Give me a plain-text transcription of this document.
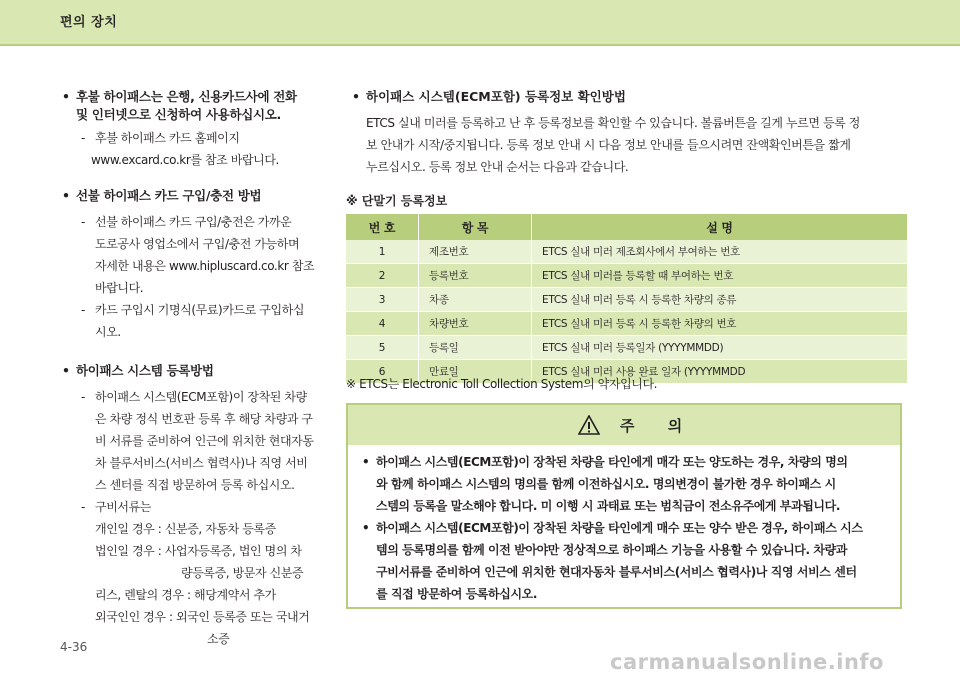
편의 장치
• 후불 하이패스는 은행, 신용카드사에 전화
및 인터넷으로 신청하여 사용하십시오.
- 후불 하이패스 카드 홈페이지
www.excard.co.kr를 참조 바랍니다.
• 선불 하이패스 카드 구입/충전 방법
- 선불 하이패스 카드 구입/충전은 가까운
도로공사 영업소에서 구입/충전 가능하며
자세한 내용은 www.hipluscard.co.kr 참조
바랍니다.
- 카드 구입시 기명식(무료)카드로 구입하십
시오.
• 하이패스 시스템 등록방법
- 하이패스 시스템(ECM포함)이 장착된 차량
은 차량 정식 번호판 등록 후 해당 차량과 구
비 서류를 준비하여 인근에 위치한 현대자동
차 블루서비스(서비스 협력사)나 직영 서비
스 센터를 직접 방문하여 등록 하십시오.
- 구비서류는
개인일 경우 : 신분증, 자동차 등록증
법인일 경우 : 사업자등록증, 법인 명의 차
량등록증, 방문자 신분증
리스, 렌탈의 경우 : 해당계약서 추가
외국인인 경우 : 외국인 등록증 또는 국내거
소증
• 하이패스 시스템(ECM포함) 등록정보 확인방법
ETCS 실내 미러를 등록하고 난 후 등록정보를 확인할 수 있습니다. 볼륨버튼을 길게 누르면 등록 정
보 안내가 시작/중지됩니다. 등록 정보 안내 시 다음 정보 안내를 들으시려면 잔액확인버튼을 짧게
누르십시오. 등록 정보 안내 순서는 다음과 같습니다.
※ 단말기 등록정보
번 호	항 목	설 명
1	제조번호	ETCS 실내 미러 제조회사에서 부여하는 번호
2	등록번호	ETCS 실내 미러를 등록할 때 부여하는 번호
3	차종	ETCS 실내 미러 등록 시 등록한 차량의 종류
4	차량번호	ETCS 실내 미러 등록 시 등록한 차량의 번호
5	등록일	ETCS 실내 미러 등록일자 (YYYYMMDD)
6	만료일	ETCS 실내 미러 사용 완료 일자 (YYYYMMDD
※ ETCS는 Electronic Toll Collection System의 약자입니다.
주 의
• 하이패스 시스템(ECM포함)이 장착된 차량을 타인에게 매각 또는 양도하는 경우, 차량의 명의
와 함께 하이패스 시스템의 명의를 함께 이전하십시오. 명의변경이 불가한 경우 하이패스 시
스템의 등록을 말소해야 합니다. 미 이행 시 과태료 또는 범칙금이 전소유주에게 부과됩니다.
• 하이패스 시스템(ECM포함)이 장착된 차량을 타인에게 매수 또는 양수 받은 경우, 하이패스 시스
템의 등록명의를 함께 이전 받아야만 정상적으로 하이패스 기능을 사용할 수 있습니다. 차량과
구비서류를 준비하여 인근에 위치한 현대자동차 블루서비스(서비스 협력사)나 직영 서비스 센터
를 직접 방문하여 등록하십시오.
4-36
carmanualsonline.info
